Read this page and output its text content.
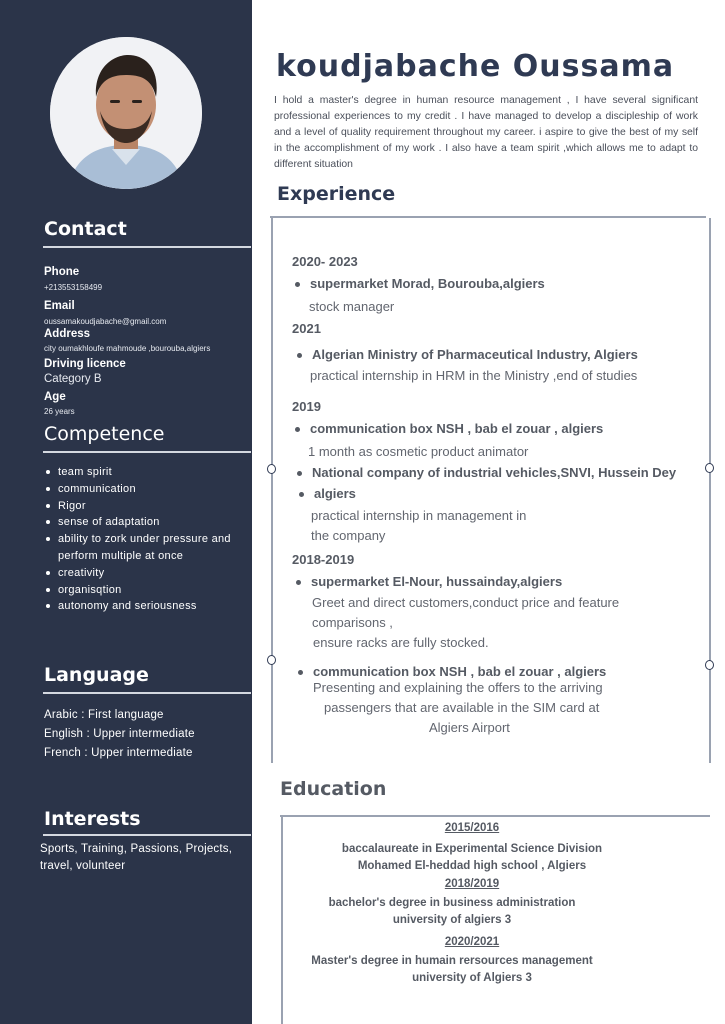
Contact
Phone
+213553158499
Email
oussamakoudjabache@gmail.com
Address
city oumakhloufe mahmoude ,bourouba,algiers
Driving licence
Category B
Age
26 years
Competence
team spirit
communication
Rigor
sense of adaptation
ability to zork under pressure and perform multiple at once
creativity
organisqtion
autonomy and seriousness
Language
Arabic : First language
English : Upper intermediate
French : Upper intermediate
Interests
Sports, Training, Passions, Projects, travel, volunteer
koudjabache Oussama
I hold a master's degree in human resource management , I have several significant professional experiences to my credit . I have managed to develop a discipleship of work and a level of quality requirement throughout my career. i aspire to give the best of my self in the accomplishment of my work . I also have a team spirit ,which allows me to adapt to different situation
Experience
2020- 2023
supermarket Morad, Bourouba,algiers
stock manager
2021
Algerian Ministry of Pharmaceutical Industry, Algiers
practical internship in HRM in the Ministry ,end of studies
2019
communication box NSH , bab el zouar , algiers
1 month as cosmetic product animator
National company of industrial vehicles,SNVI, Hussein Dey
algiers
practical internship in management in
the company
2018-2019
supermarket El-Nour, hussainday,algiers
Greet and direct customers,conduct price and feature
comparisons ,
ensure racks are fully stocked.
communication box NSH , bab el zouar , algiers
Presenting and explaining the offers to the arriving
passengers that are available in the SIM card at
Algiers Airport
Education
2015/2016
baccalaureate in Experimental Science Division
Mohamed El-heddad high school , Algiers
2018/2019
bachelor's degree in business administration
university of algiers 3
2020/2021
Master's degree in humain rersources management
university of Algiers 3
